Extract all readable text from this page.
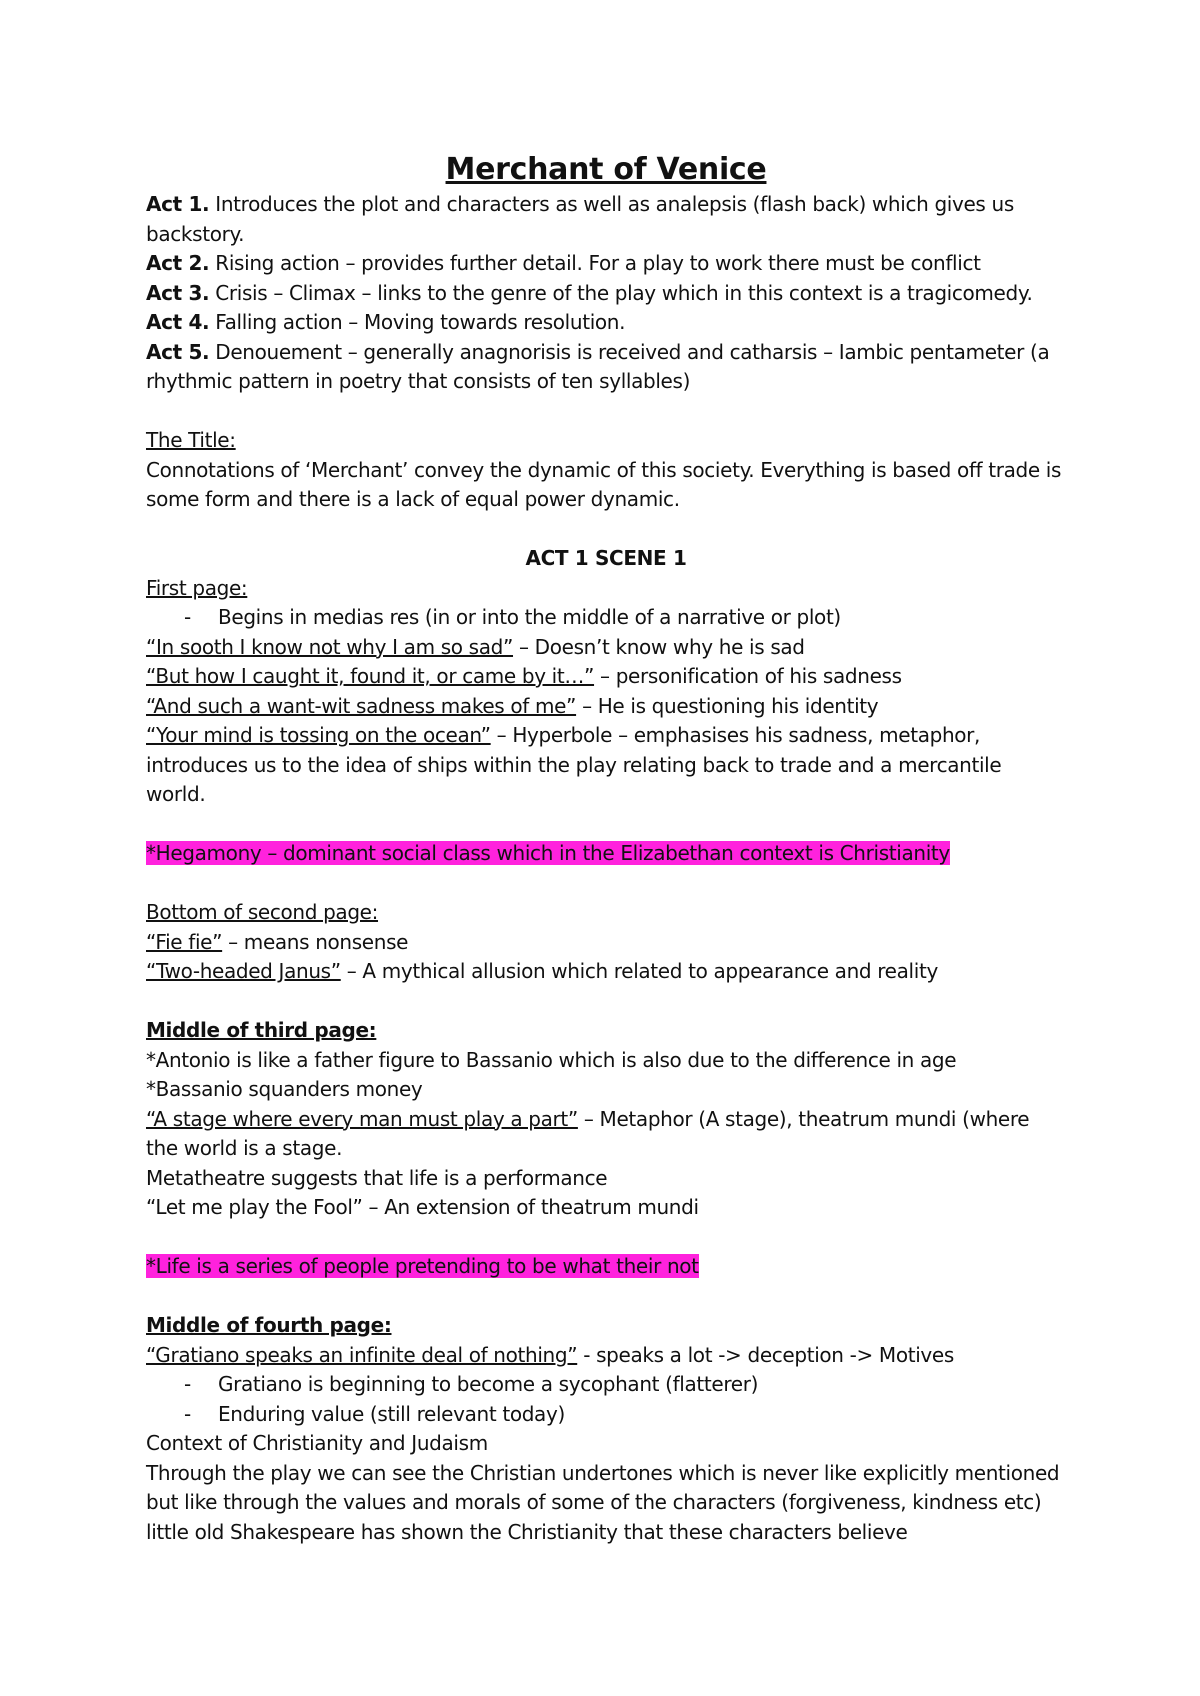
Merchant of Venice

Act 1. Introduces the plot and characters as well as analepsis (flash back) which gives us backstory.

Act 2. Rising action – provides further detail. For a play to work there must be conflict

Act 3. Crisis – Climax – links to the genre of the play which in this context is a tragicomedy.

Act 4. Falling action – Moving towards resolution.

Act 5. Denouement – generally anagnorisis is received and catharsis – Iambic pentameter (a rhythmic pattern in poetry that consists of ten syllables)

The Title:

Connotations of ‘Merchant’ convey the dynamic of this society. Everything is based off trade is some form and there is a lack of equal power dynamic.

ACT 1 SCENE 1

First page:

- Begins in medias res (in or into the middle of a narrative or plot)

“In sooth I know not why I am so sad” – Doesn’t know why he is sad

“But how I caught it, found it, or came by it…” – personification of his sadness

“And such a want-wit sadness makes of me” – He is questioning his identity

“Your mind is tossing on the ocean” – Hyperbole – emphasises his sadness, metaphor, introduces us to the idea of ships within the play relating back to trade and a mercantile world.

*Hegamony – dominant social class which in the Elizabethan context is Christianity

Bottom of second page:

“Fie fie” – means nonsense

“Two-headed Janus” – A mythical allusion which related to appearance and reality

Middle of third page:

*Antonio is like a father figure to Bassanio which is also due to the difference in age

*Bassanio squanders money

“A stage where every man must play a part” – Metaphor (A stage), theatrum mundi (where the world is a stage.

Metatheatre suggests that life is a performance

“Let me play the Fool” – An extension of theatrum mundi

*Life is a series of people pretending to be what their not

Middle of fourth page:

“Gratiano speaks an infinite deal of nothing” - speaks a lot -> deception -> Motives

- Gratiano is beginning to become a sycophant (flatterer)

- Enduring value (still relevant today)

Context of Christianity and Judaism

Through the play we can see the Christian undertones which is never like explicitly mentioned but like through the values and morals of some of the characters (forgiveness, kindness etc) little old Shakespeare has shown the Christianity that these characters believe
